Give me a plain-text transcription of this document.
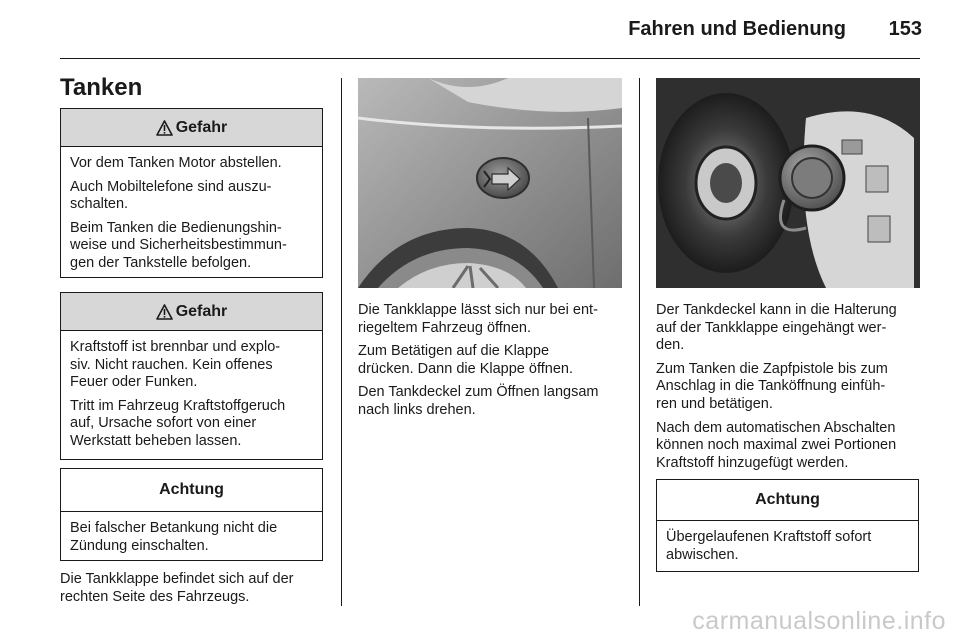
Fahren und Bedienung	153
Tanken
Gefahr

Vor dem Tanken Motor abstellen.

Auch Mobiltelefone sind auszu-
schalten.

Beim Tanken die Bedienungshin-
weise und Sicherheitsbestimmun-
gen der Tankstelle befolgen.

Gefahr

Kraftstoff ist brennbar und explo-
siv. Nicht rauchen. Kein offenes
Feuer oder Funken.

Tritt im Fahrzeug Kraftstoffgeruch
auf, Ursache sofort von einer
Werkstatt beheben lassen.

Achtung
Bei falscher Betankung nicht die
Zündung einschalten.
Die Tankklappe befindet sich auf der
rechten Seite des Fahrzeugs.

Die Tankklappe lässt sich nur bei ent-
riegeltem Fahrzeug öffnen.

Zum Betätigen auf die Klappe
drücken. Dann die Klappe öffnen.

Den Tankdeckel zum Öffnen langsam
nach links drehen.

Der Tankdeckel kann in die Halterung
auf der Tankklappe eingehängt wer-
den.

Zum Tanken die Zapfpistole bis zum
Anschlag in die Tanköffnung einfüh-
ren und betätigen.

Nach dem automatischen Abschalten
können noch maximal zwei Portionen
Kraftstoff hinzugefügt werden.

Achtung
Übergelaufenen Kraftstoff sofort
abwischen.
carmanualsonline.info
